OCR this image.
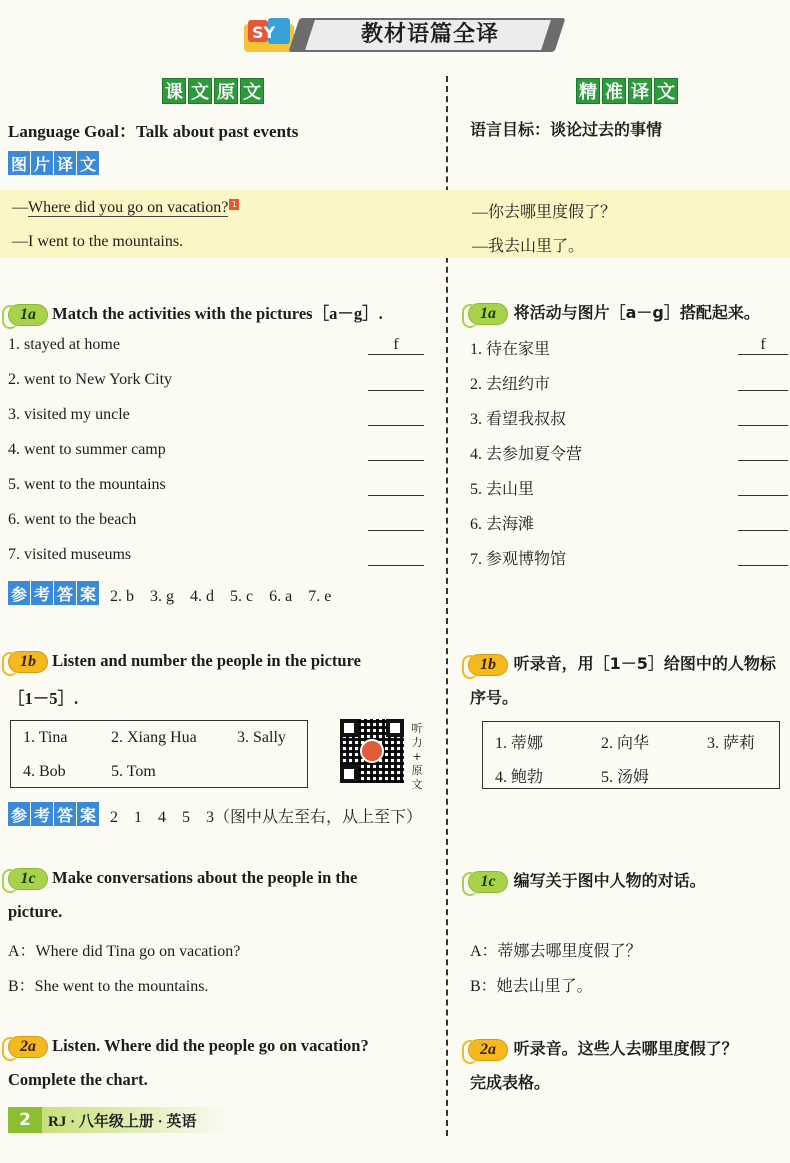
SY	教材语篇全译
课 文 原 文	精 准 译 文
Language Goal：Talk about past events	语言目标：谈论过去的事情
图 片 译 文
—Where did you go on vacation? 1
—I went to the mountains.
—你去哪里度假了？
—我去山里了。
1a Match the activities with the pictures［a－g］.	1a 将活动与图片［a－g］搭配起来。
1. stayed at home	f
2. went to New York City
3. visited my uncle
4. went to summer camp
5. went to the mountains
6. went to the beach
7. visited museums
1. 待在家里	f
2. 去纽约市
3. 看望我叔叔
4. 去参加夏令营
5. 去山里
6. 去海滩
7. 参观博物馆
参 考 答 案 2. b　3. g　4. d　5. c　6. a　7. e
1b Listen and number the people in the picture
［1－5］.
1b 听录音，用［1－5］给图中的人物标
序号。
1. Tina	2. Xiang Hua	3. Sally
4. Bob	5. Tom
听
力
+
原
文
1. 蒂娜	2. 向华	3. 萨莉
4. 鲍勃	5. 汤姆
参 考 答 案 2　1　4　5　3（图中从左至右，从上至下）
1c Make conversations about the people in the
picture.
1c 编写关于图中人物的对话。
A：Where did Tina go on vacation?
B：She went to the mountains.
A：蒂娜去哪里度假了？
B：她去山里了。
2a Listen. Where did the people go on vacation?
Complete the chart.
2a 听录音。这些人去哪里度假了？
完成表格。
2	RJ · 八年级上册 · 英语
